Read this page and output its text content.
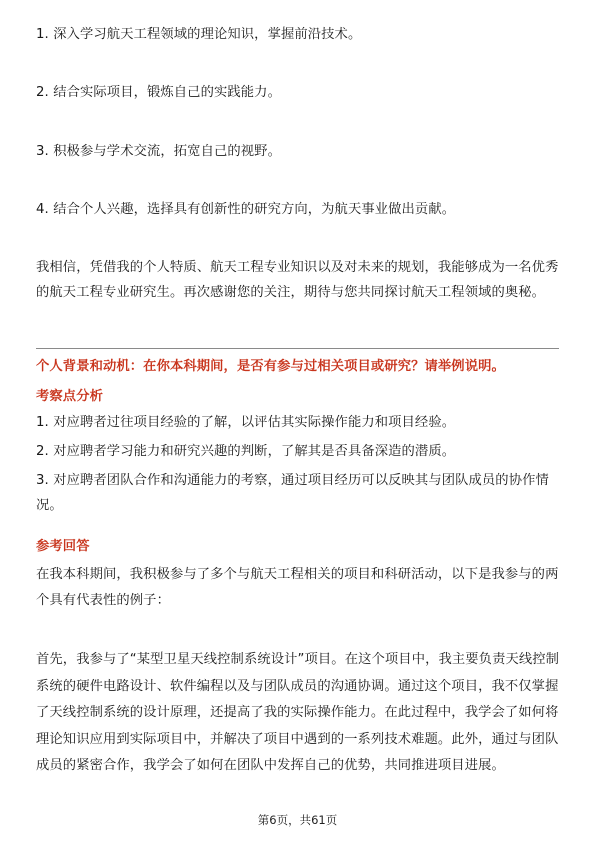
1. 深入学习航天工程领域的理论知识，掌握前沿技术。

2. 结合实际项目，锻炼自己的实践能力。

3. 积极参与学术交流，拓宽自己的视野。

4. 结合个人兴趣，选择具有创新性的研究方向，为航天事业做出贡献。

我相信，凭借我的个人特质、航天工程专业知识以及对未来的规划，我能够成为一名优秀的航天工程专业研究生。再次感谢您的关注，期待与您共同探讨航天工程领域的奥秘。

个人背景和动机：在你本科期间，是否有参与过相关项目或研究？请举例说明。

考察点分析

1. 对应聘者过往项目经验的了解，以评估其实际操作能力和项目经验。

2. 对应聘者学习能力和研究兴趣的判断，了解其是否具备深造的潜质。

3. 对应聘者团队合作和沟通能力的考察，通过项目经历可以反映其与团队成员的协作情况。

参考回答

在我本科期间，我积极参与了多个与航天工程相关的项目和科研活动，以下是我参与的两个具有代表性的例子：

首先，我参与了“某型卫星天线控制系统设计”项目。在这个项目中，我主要负责天线控制系统的硬件电路设计、软件编程以及与团队成员的沟通协调。通过这个项目，我不仅掌握了天线控制系统的设计原理，还提高了我的实际操作能力。在此过程中，我学会了如何将理论知识应用到实际项目中，并解决了项目中遇到的一系列技术难题。此外，通过与团队成员的紧密合作，我学会了如何在团队中发挥自己的优势，共同推进项目进展。

第6页，共61页
